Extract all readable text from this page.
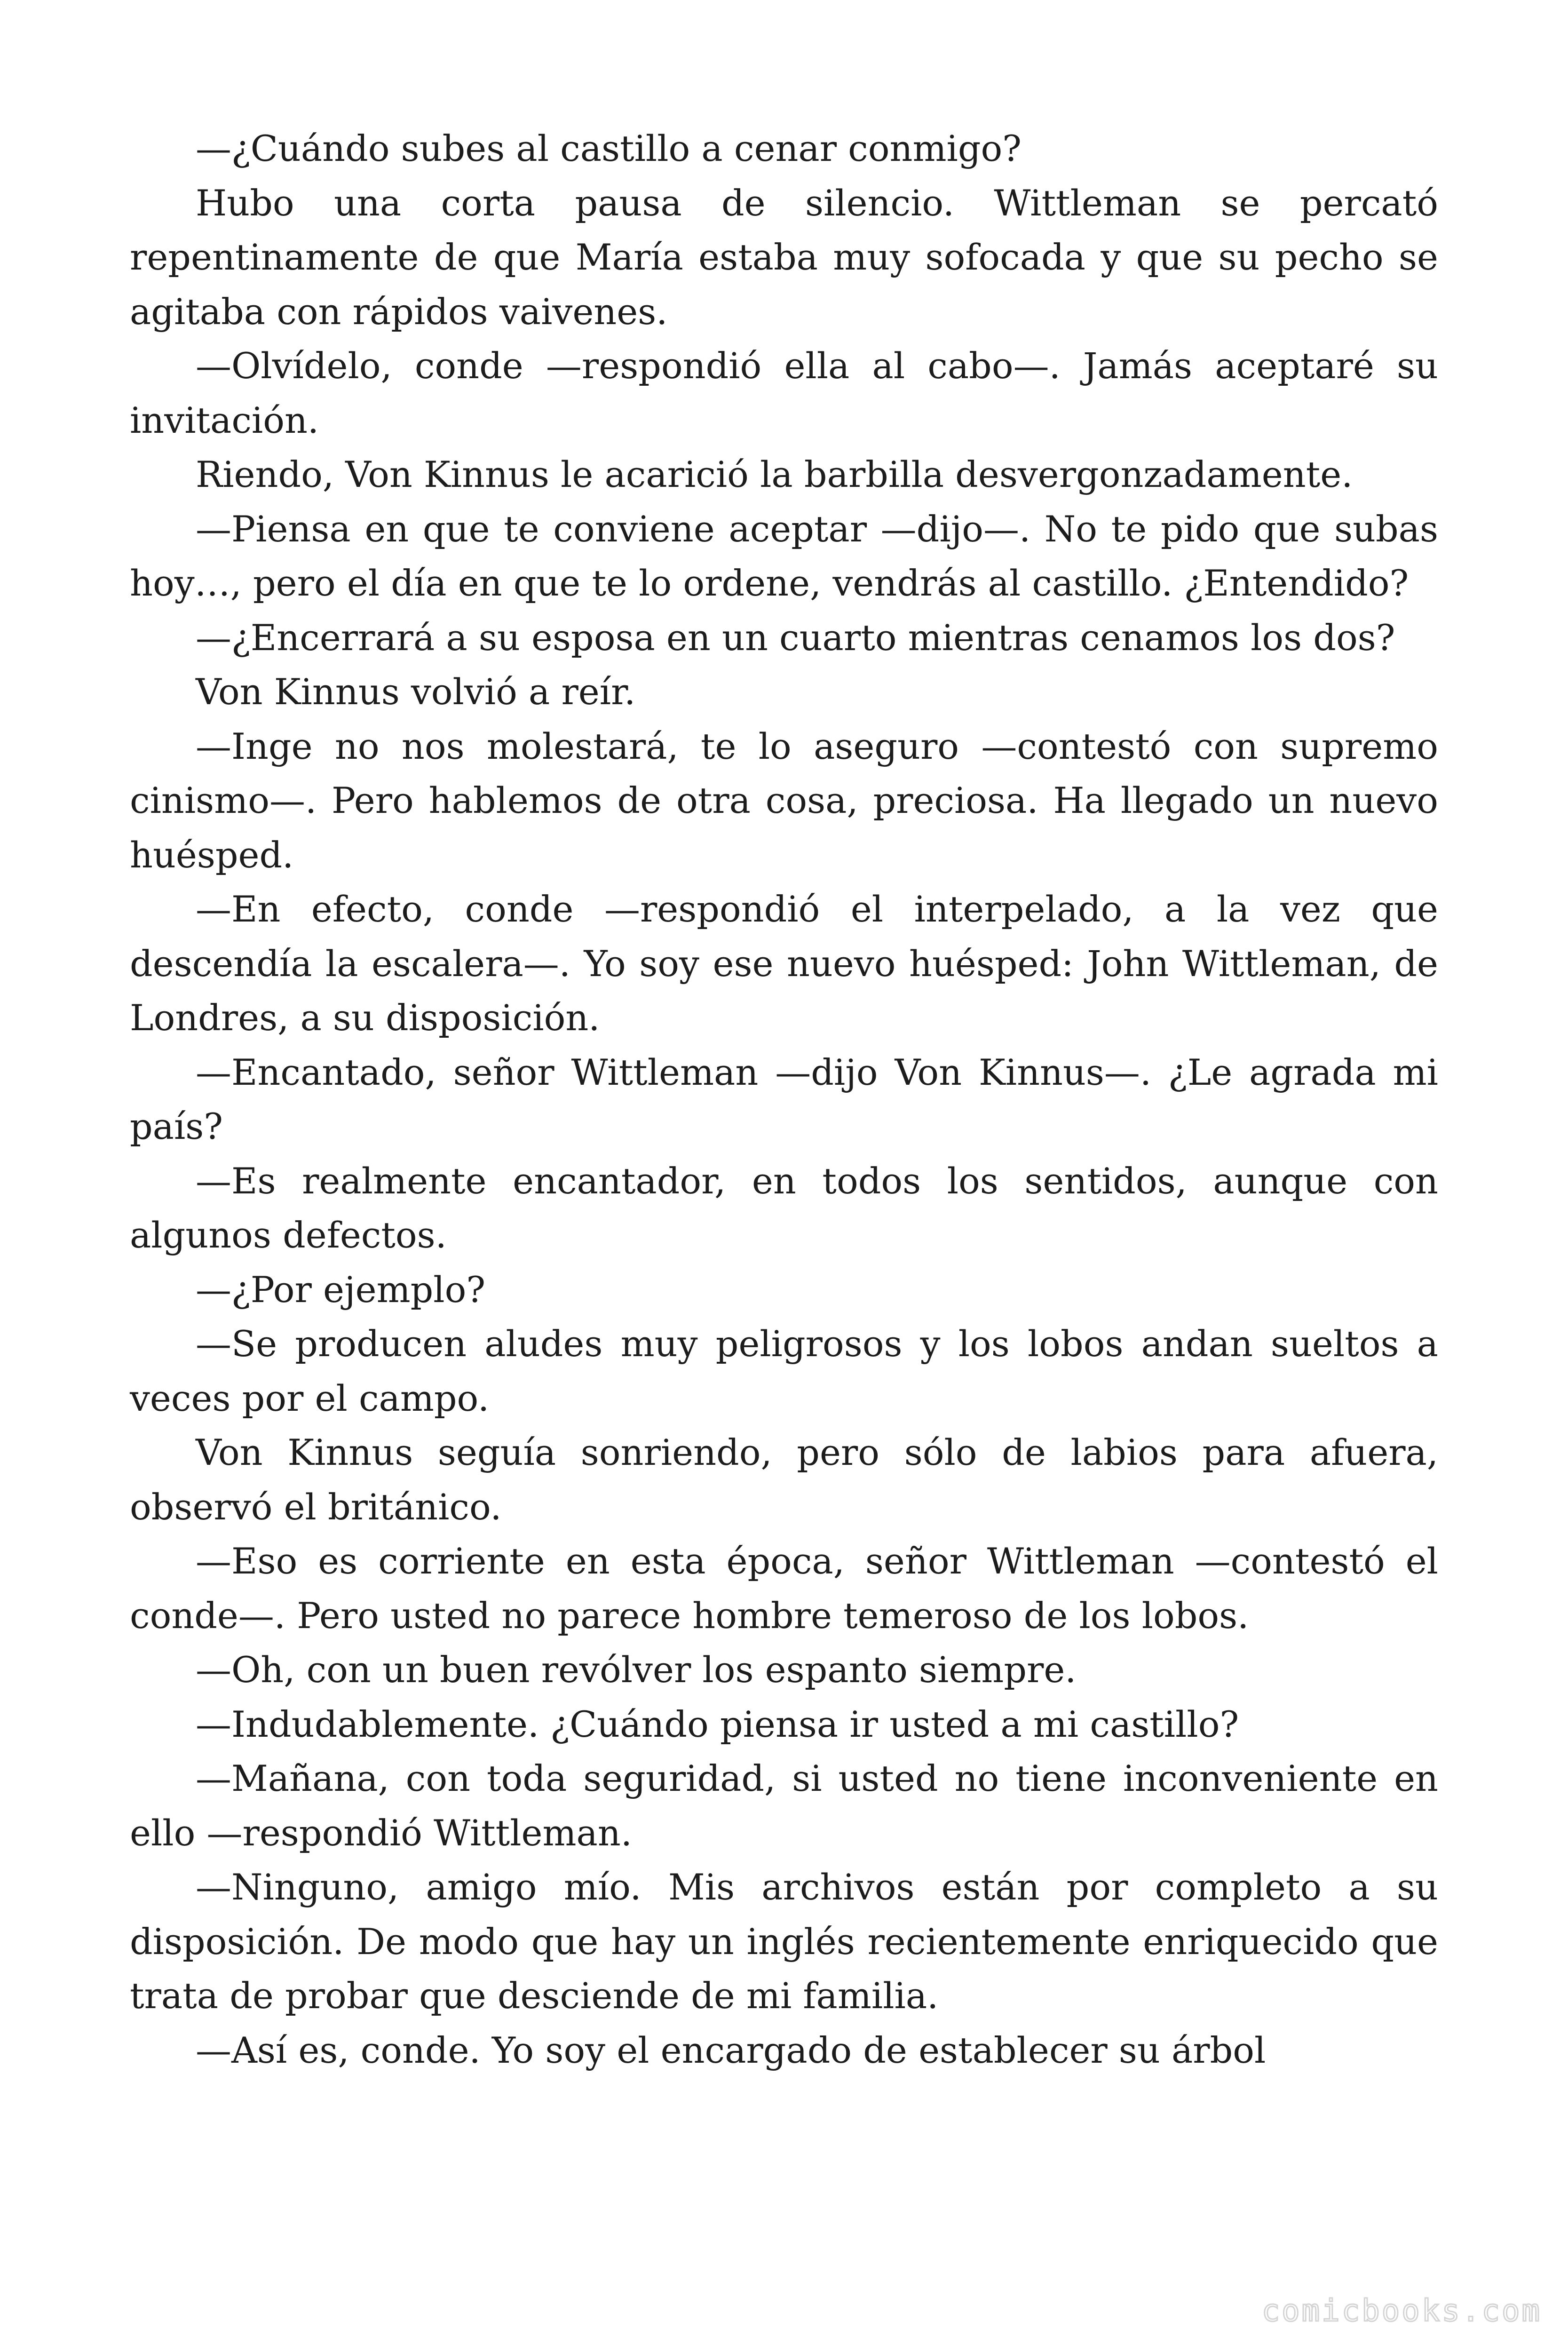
—¿Cuándo subes al castillo a cenar conmigo?

Hubo una corta pausa de silencio. Wittleman se percató repentinamente de que María estaba muy sofocada y que su pecho se agitaba con rápidos vaivenes.

—Olvídelo, conde —respondió ella al cabo—. Jamás aceptaré su invitación.

Riendo, Von Kinnus le acarició la barbilla desvergonzadamente.

—Piensa en que te conviene aceptar —dijo—. No te pido que subas hoy…, pero el día en que te lo ordene, vendrás al castillo. ¿Entendido?

—¿Encerrará a su esposa en un cuarto mientras cenamos los dos?

Von Kinnus volvió a reír.

—Inge no nos molestará, te lo aseguro —contestó con supremo cinismo—. Pero hablemos de otra cosa, preciosa. Ha llegado un nuevo huésped.

—En efecto, conde —respondió el interpelado, a la vez que descendía la escalera—. Yo soy ese nuevo huésped: John Wittleman, de Londres, a su disposición.

—Encantado, señor Wittleman —dijo Von Kinnus—. ¿Le agrada mi país?

—Es realmente encantador, en todos los sentidos, aunque con algunos defectos.

—¿Por ejemplo?

—Se producen aludes muy peligrosos y los lobos andan sueltos a veces por el campo.

Von Kinnus seguía sonriendo, pero sólo de labios para afuera, observó el británico.

—Eso es corriente en esta época, señor Wittleman —contestó el conde—. Pero usted no parece hombre temeroso de los lobos.

—Oh, con un buen revólver los espanto siempre.

—Indudablemente. ¿Cuándo piensa ir usted a mi castillo?

—Mañana, con toda seguridad, si usted no tiene inconveniente en ello —respondió Wittleman.

—Ninguno, amigo mío. Mis archivos están por completo a su disposición. De modo que hay un inglés recientemente enriquecido que trata de probar que desciende de mi familia.

—Así es, conde. Yo soy el encargado de establecer su árbol

comicbooks.com
